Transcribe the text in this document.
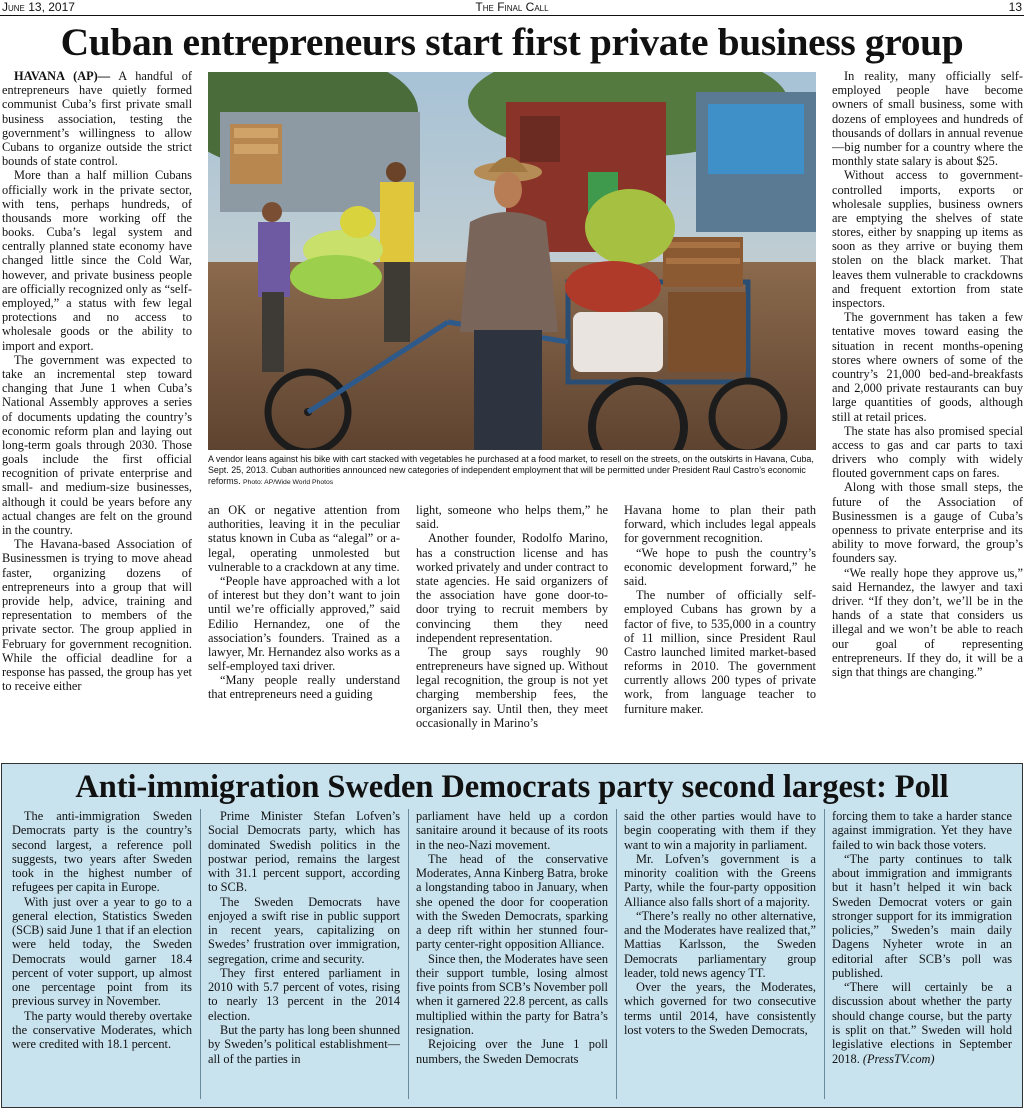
June 13, 2017	The Final Call	13
Cuban entrepreneurs start first private business group

HAVANA (AP)— A handful of entrepreneurs have quietly formed communist Cuba’s first private small business association, testing the government’s willingness to allow Cubans to organize outside the strict bounds of state control.

More than a half million Cubans officially work in the private sector, with tens, perhaps hundreds, of thousands more working off the books. Cuba’s legal system and centrally planned state economy have changed little since the Cold War, however, and private business people are officially recognized only as “self-employed,” a status with few legal protections and no access to wholesale goods or the ability to import and export.

The government was expected to take an incremental step toward changing that June 1 when Cuba’s National Assembly approves a series of documents updating the country’s economic reform plan and laying out long-term goals through 2030. Those goals include the first official recognition of private enterprise and small- and medium-size businesses, although it could be years before any actual changes are felt on the ground in the country.

The Havana-based Association of Businessmen is trying to move ahead faster, organizing dozens of entrepreneurs into a group that will provide help, advice, training and representation to members of the private sector. The group applied in February for government recognition. While the official deadline for a response has passed, the group has yet to receive either

A vendor leans against his bike with cart stacked with vegetables he purchased at a food market, to resell on the streets, on the outskirts in Havana, Cuba, Sept. 25, 2013. Cuban authorities announced new categories of independent employment that will be permitted under President Raul Castro’s economic reforms. Photo: AP/Wide World Photos

an OK or negative attention from authorities, leaving it in the peculiar status known in Cuba as “alegal” or a-legal, operating unmolested but vulnerable to a crackdown at any time.

“People have approached with a lot of interest but they don’t want to join until we’re officially approved,” said Edilio Hernandez, one of the association’s founders. Trained as a lawyer, Mr. Hernandez also works as a self-employed taxi driver.

“Many people really understand that entrepreneurs need a guiding

light, someone who helps them,” he said.

Another founder, Rodolfo Marino, has a construction license and has worked privately and under contract to state agencies. He said organizers of the association have gone door-to-door trying to recruit members by convincing them they need independent representation.

The group says roughly 90 entrepreneurs have signed up. Without legal recognition, the group is not yet charging membership fees, the organizers say. Until then, they meet occasionally in Marino’s

Havana home to plan their path forward, which includes legal appeals for government recognition.

“We hope to push the country’s economic development forward,” he said.

The number of officially self-employed Cubans has grown by a factor of five, to 535,000 in a country of 11 million, since President Raul Castro launched limited market-based reforms in 2010. The government currently allows 200 types of private work, from language teacher to furniture maker.

In reality, many officially self-employed people have become owners of small business, some with dozens of employees and hundreds of thousands of dollars in annual revenue—big number for a country where the monthly state salary is about $25.

Without access to government-controlled imports, exports or wholesale supplies, business owners are emptying the shelves of state stores, either by snapping up items as soon as they arrive or buying them stolen on the black market. That leaves them vulnerable to crackdowns and frequent extortion from state inspectors.

The government has taken a few tentative moves toward easing the situation in recent months-opening stores where owners of some of the country’s 21,000 bed-and-breakfasts and 2,000 private restaurants can buy large quantities of goods, although still at retail prices.

The state has also promised special access to gas and car parts to taxi drivers who comply with widely flouted government caps on fares.

Along with those small steps, the future of the Association of Businessmen is a gauge of Cuba’s openness to private enterprise and its ability to move forward, the group’s founders say.

“We really hope they approve us,” said Hernandez, the lawyer and taxi driver. “If they don’t, we’ll be in the hands of a state that considers us illegal and we won’t be able to reach our goal of representing entrepreneurs. If they do, it will be a sign that things are changing.”

Anti-immigration Sweden Democrats party second largest: Poll

The anti-immigration Sweden Democrats party is the country’s second largest, a reference poll suggests, two years after Sweden took in the highest number of refugees per capita in Europe.

With just over a year to go to a general election, Statistics Sweden (SCB) said June 1 that if an election were held today, the Sweden Democrats would garner 18.4 percent of voter support, up almost one percentage point from its previous survey in November.

The party would thereby overtake the conservative Moderates, which were credited with 18.1 percent.

Prime Minister Stefan Lofven’s Social Democrats party, which has dominated Swedish politics in the postwar period, remains the largest with 31.1 percent support, according to SCB.

The Sweden Democrats have enjoyed a swift rise in public support in recent years, capitalizing on Swedes’ frustration over immigration, segregation, crime and security.

They first entered parliament in 2010 with 5.7 percent of votes, rising to nearly 13 percent in the 2014 election.

But the party has long been shunned by Sweden’s political establishment—all of the parties in

parliament have held up a cordon sanitaire around it because of its roots in the neo-Nazi movement.

The head of the conservative Moderates, Anna Kinberg Batra, broke a longstanding taboo in January, when she opened the door for cooperation with the Sweden Democrats, sparking a deep rift within her stunned four-party center-right opposition Alliance.

Since then, the Moderates have seen their support tumble, losing almost five points from SCB’s November poll when it garnered 22.8 percent, as calls multiplied within the party for Batra’s resignation.

Rejoicing over the June 1 poll numbers, the Sweden Democrats

said the other parties would have to begin cooperating with them if they want to win a majority in parliament.

Mr. Lofven’s government is a minority coalition with the Greens Party, while the four-party opposition Alliance also falls short of a majority.

“There’s really no other alternative, and the Moderates have realized that,” Mattias Karlsson, the Sweden Democrats parliamentary group leader, told news agency TT.

Over the years, the Moderates, which governed for two consecutive terms until 2014, have consistently lost voters to the Sweden Democrats,

forcing them to take a harder stance against immigration. Yet they have failed to win back those voters.

“The party continues to talk about immigration and immigrants but it hasn’t helped it win back Sweden Democrat voters or gain stronger support for its immigration policies,” Sweden’s main daily Dagens Nyheter wrote in an editorial after SCB’s poll was published.

“There will certainly be a discussion about whether the party should change course, but the party is split on that.” Sweden will hold legislative elections in September 2018. (PressTV.com)
